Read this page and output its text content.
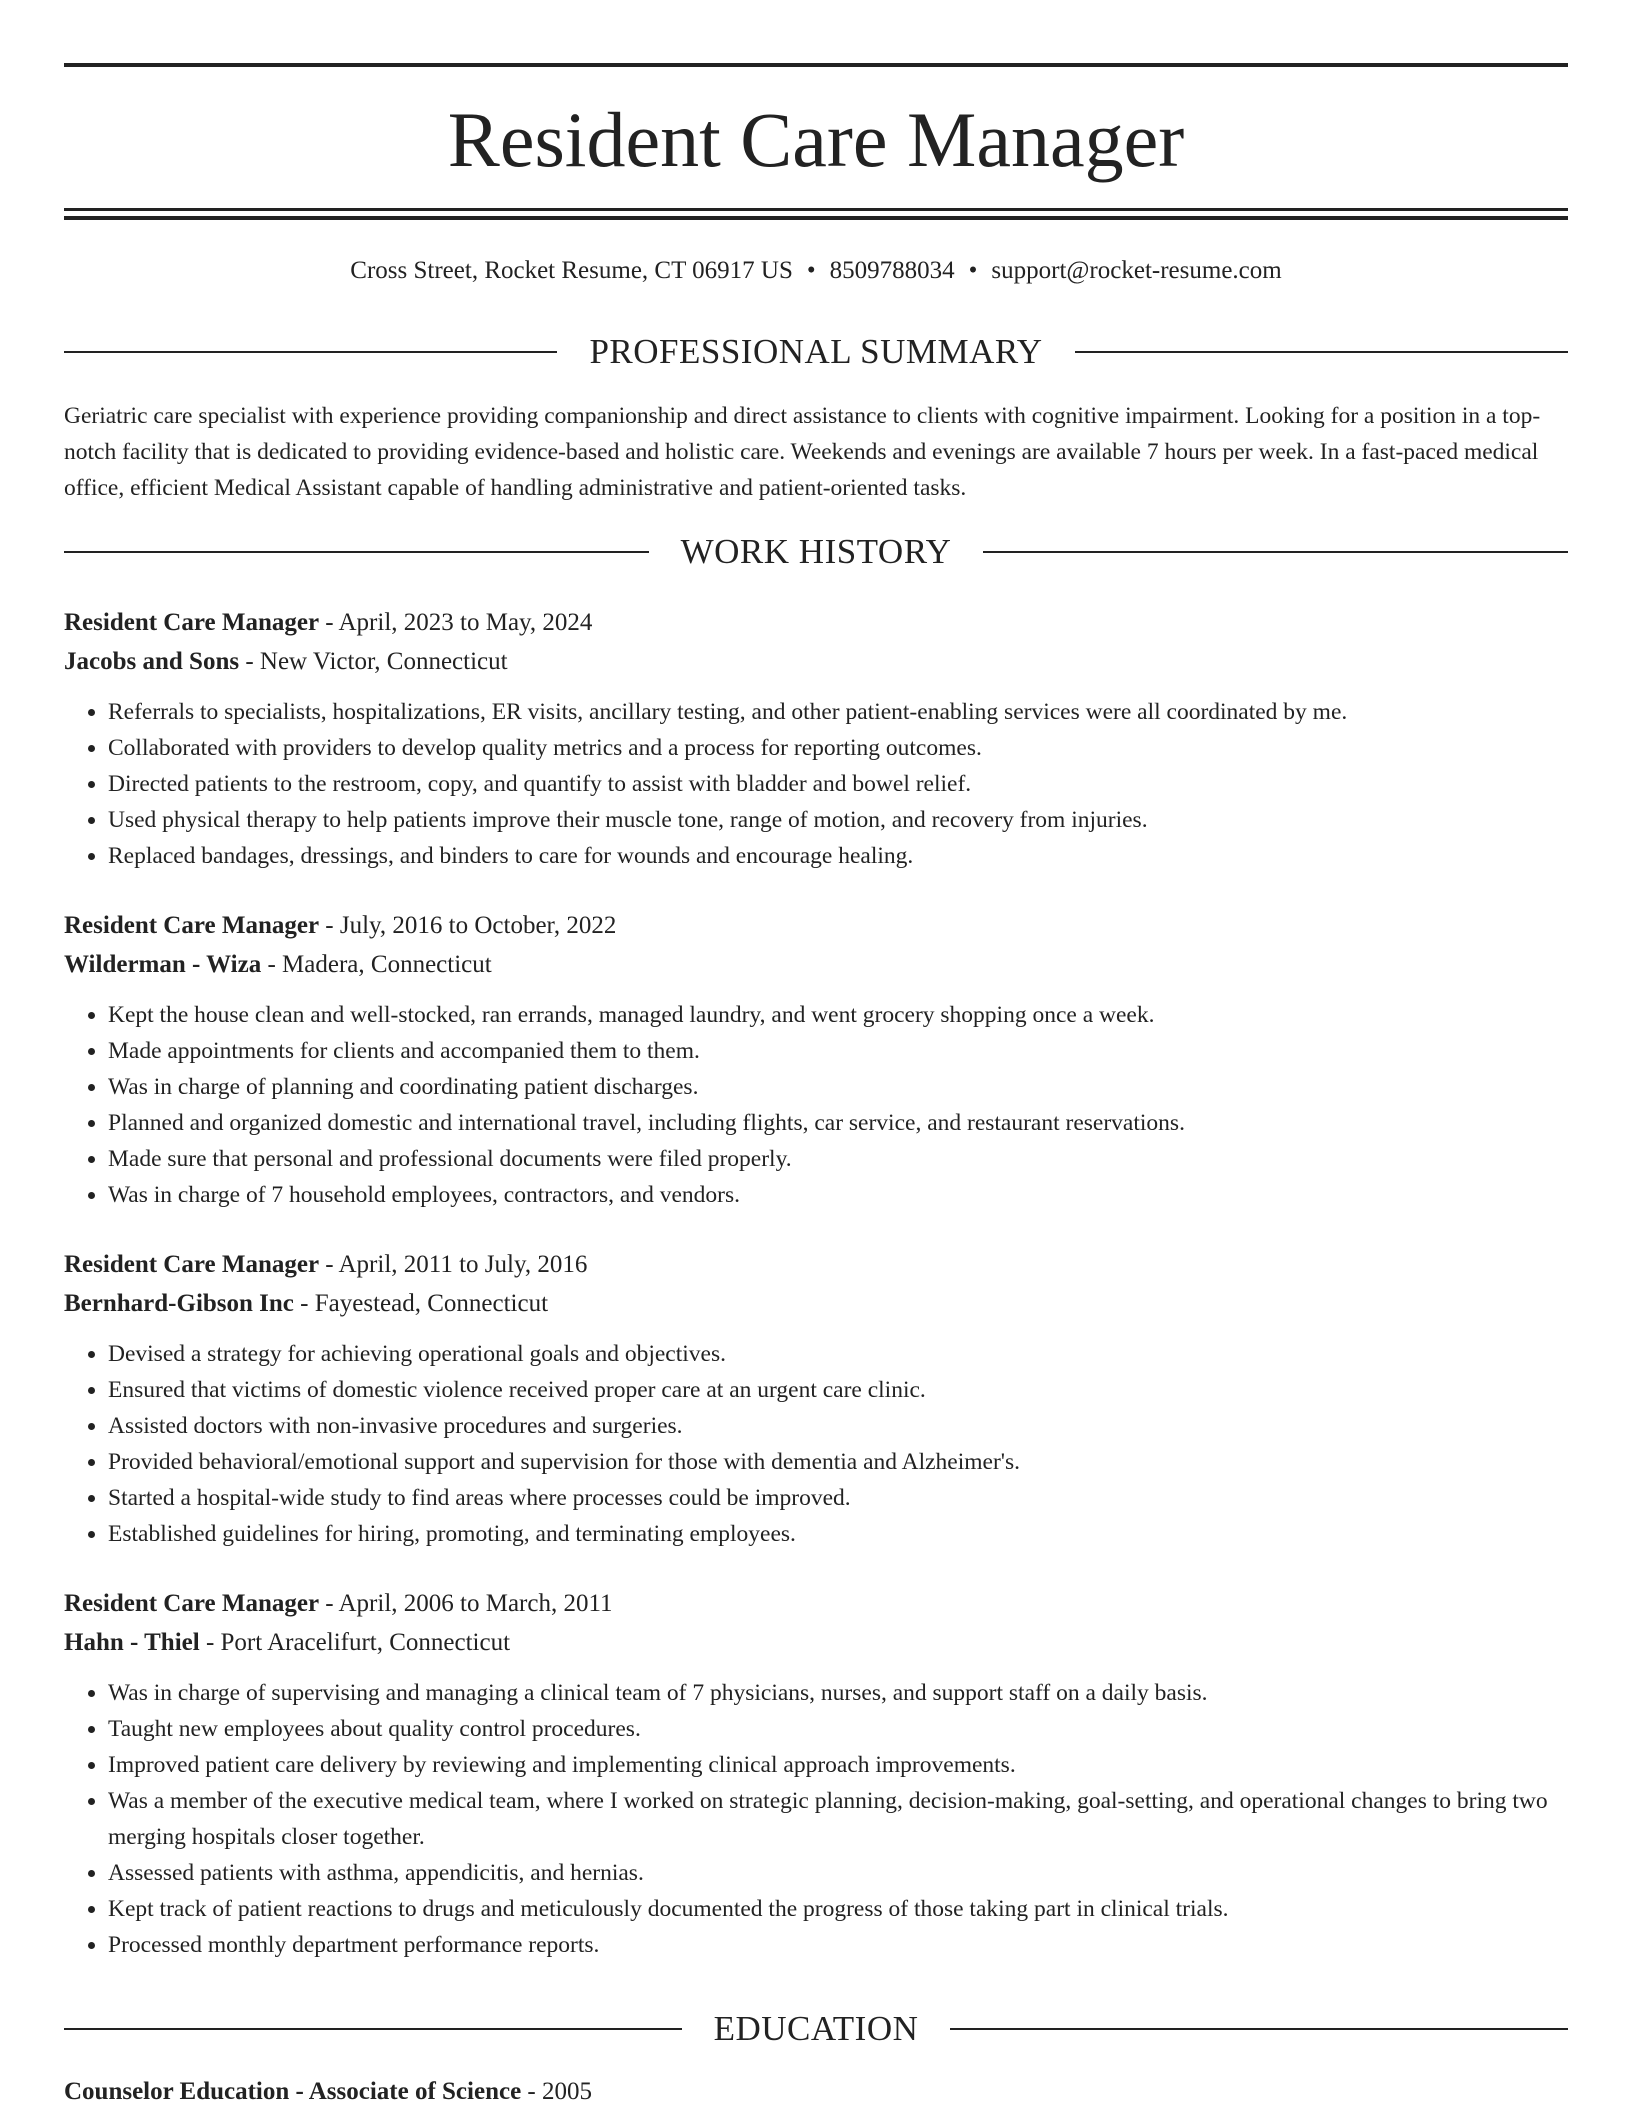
Resident Care Manager
Cross Street, Rocket Resume, CT 06917 US • 8509788034 • support@rocket-resume.com
PROFESSIONAL SUMMARY

Geriatric care specialist with experience providing companionship and direct assistance to clients with cognitive impairment. Looking for a position in a top-notch facility that is dedicated to providing evidence-based and holistic care. Weekends and evenings are available 7 hours per week. In a fast-paced medical office, efficient Medical Assistant capable of handling administrative and patient-oriented tasks.

WORK HISTORY
Resident Care Manager - April, 2023 to May, 2024
Jacobs and Sons - New Victor, Connecticut
• Referrals to specialists, hospitalizations, ER visits, ancillary testing, and other patient-enabling services were all coordinated by me.
• Collaborated with providers to develop quality metrics and a process for reporting outcomes.
• Directed patients to the restroom, copy, and quantify to assist with bladder and bowel relief.
• Used physical therapy to help patients improve their muscle tone, range of motion, and recovery from injuries.
• Replaced bandages, dressings, and binders to care for wounds and encourage healing.
Resident Care Manager - July, 2016 to October, 2022
Wilderman - Wiza - Madera, Connecticut
• Kept the house clean and well-stocked, ran errands, managed laundry, and went grocery shopping once a week.
• Made appointments for clients and accompanied them to them.
• Was in charge of planning and coordinating patient discharges.
• Planned and organized domestic and international travel, including flights, car service, and restaurant reservations.
• Made sure that personal and professional documents were filed properly.
• Was in charge of 7 household employees, contractors, and vendors.
Resident Care Manager - April, 2011 to July, 2016
Bernhard-Gibson Inc - Fayestead, Connecticut
• Devised a strategy for achieving operational goals and objectives.
• Ensured that victims of domestic violence received proper care at an urgent care clinic.
• Assisted doctors with non-invasive procedures and surgeries.
• Provided behavioral/emotional support and supervision for those with dementia and Alzheimer's.
• Started a hospital-wide study to find areas where processes could be improved.
• Established guidelines for hiring, promoting, and terminating employees.
Resident Care Manager - April, 2006 to March, 2011
Hahn - Thiel - Port Aracelifurt, Connecticut
• Was in charge of supervising and managing a clinical team of 7 physicians, nurses, and support staff on a daily basis.
• Taught new employees about quality control procedures.
• Improved patient care delivery by reviewing and implementing clinical approach improvements.
• Was a member of the executive medical team, where I worked on strategic planning, decision-making, goal-setting, and operational changes to bring two merging hospitals closer together.
• Assessed patients with asthma, appendicitis, and hernias.
• Kept track of patient reactions to drugs and meticulously documented the progress of those taking part in clinical trials.
• Processed monthly department performance reports.
EDUCATION
Counselor Education - Associate of Science - 2005
